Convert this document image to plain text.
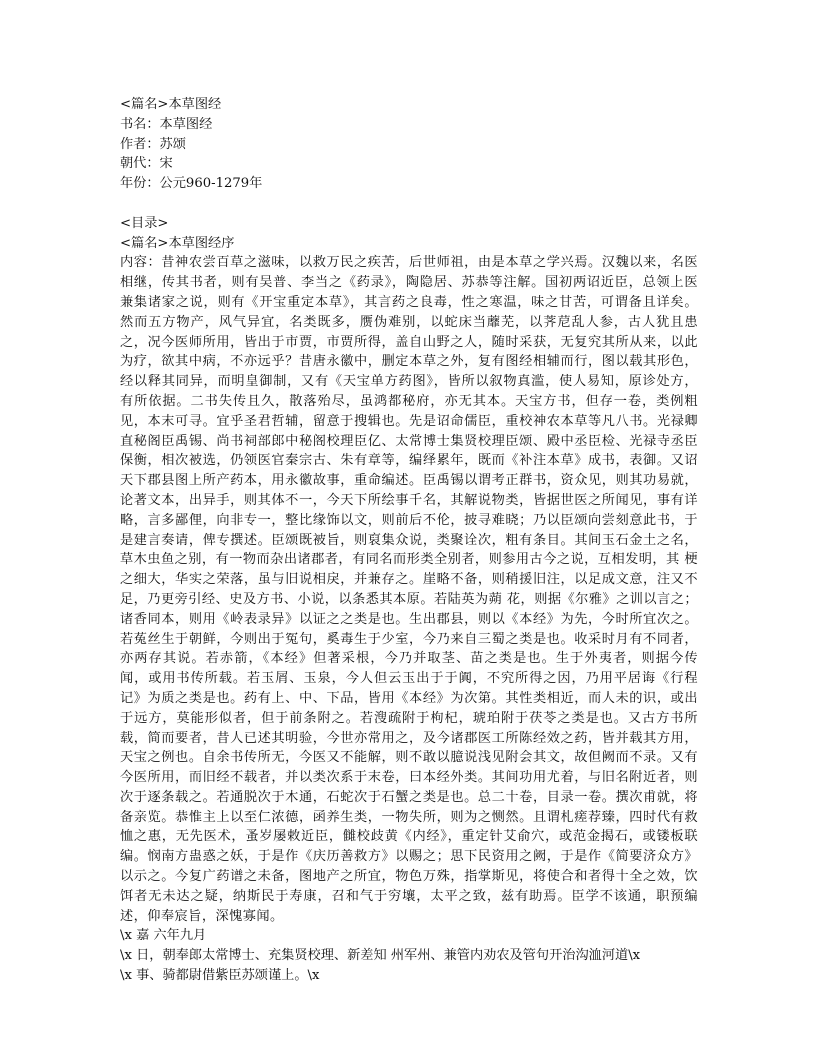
<篇名>本草图经
书名：本草图经
作者：苏颂
朝代：宋
年份：公元960-1279年
<目录>
<篇名>本草图经序
内容：昔神农尝百草之滋味，以救万民之疾苦，后世师祖，由是本草之学兴焉。汉魏以来，名医相继，传其书者，则有吴普、李当之《药录》，陶隐居、苏恭等注解。国初两诏近臣，总领上医兼集诸家之说，则有《开宝重定本草》，其言药之良毒，性之寒温，味之甘苦，可谓备且详矣。然而五方物产，风气异宜，名类既多，赝伪难别，以蛇床当蘼芜，以荠苨乱人参，古人犹且患之，况今医师所用，皆出于市贾，市贾所得，盖自山野之人，随时采获，无复究其所从来，以此为疗，欲其中病，不亦远乎？昔唐永徽中，删定本草之外，复有图经相辅而行，图以载其形色，经以释其同异，而明皇御制，又有《天宝单方药图》，皆所以叙物真滥，使人易知，原诊处方，有所依据。二书失传且久，散落殆尽，虽鸿都秘府，亦无其本。天宝方书，但存一卷，类例粗见，本末可寻。宜乎圣君哲辅，留意于搜辑也。先是诏命儒臣，重校神农本草等凡八书。光禄卿直秘阁臣禹锡、尚书祠部郎中秘阁校理臣亿、太常博士集贤校理臣颂、殿中丞臣检、光禄寺丞臣保衡，相次被选，仍领医官秦宗古、朱有章等，编绎累年，既而《补注本草》成书，表御。又诏天下郡县图上所产药本，用永徽故事，重命编述。臣禹锡以谓考正群书，资众见，则其功易就，论著文本，出异手，则其体不一，今天下所绘事千名，其解说物类，皆据世医之所闻见，事有详略，言多鄙俚，向非专一，整比缘饰以文，则前后不伦，披寻难晓；乃以臣颂向尝刻意此书，于是建言奏请，俾专撰述。臣颂既被旨，则裒集众说，类聚诠次，粗有条目。其间玉石金土之名，草木虫鱼之别，有一物而杂出诸郡者，有同名而形类全别者，则参用古今之说，互相发明，其 梗之细大，华实之荣落，虽与旧说相戾，并兼存之。崖略不备，则稍援旧注，以足成文意，注又不足，乃更旁引经、史及方书、小说，以条悉其本原。若陆英为蒴 花，则据《尔雅》之训以言之；诸香同本，则用《岭表录异》以证之之类是也。生出郡县，则以《本经》为先，今时所宜次之。若菟丝生于朝鲜，今则出于冤句，奚毒生于少室，今乃来自三蜀之类是也。收采时月有不同者，亦两存其说。若赤箭，《本经》但著采根，今乃并取茎、苗之类是也。生于外夷者，则据今传闻，或用书传所载。若玉屑、玉泉，今人但云玉出于于阗，不究所得之因，乃用平居诲《行程记》为质之类是也。药有上、中、下品，皆用《本经》为次第。其性类相近，而人未的识，或出于远方，莫能形似者，但于前条附之。若溲疏附于枸杞，琥珀附于茯苓之类是也。又古方书所载，简而要者，昔人已述其明验，今世亦常用之，及今诸郡医工所陈经效之药，皆并载其方用，天宝之例也。自余书传所无，今医又不能解，则不敢以臆说浅见附会其文，故但阙而不录。又有今医所用，而旧经不载者，并以类次系于末卷，曰本经外类。其间功用尤着，与旧名附近者，则次于逐条载之。若通脱次于木通，石蛇次于石蟹之类是也。总二十卷，目录一卷。撰次甫就，将备亲览。恭惟主上以至仁浓德，函养生类，一物失所，则为之恻然。且谓札瘥荐臻，四时代有救恤之惠，无先医术，蚤岁屡敕近臣，雠校歧黄《内经》，重定针艾俞穴，或范金揭石，或镂板联编。悯南方蛊惑之妖，于是作《庆历善救方》以赐之；思下民资用之阙，于是作《简要济众方》以示之。今复广药谱之未备，图地产之所宜，物色万殊，指掌斯见，将使合和者得十全之效，饮饵者无未达之疑，纳斯民于寿康，召和气于穷壤，太平之致，兹有助焉。臣学不该通，职预编述，仰奉宸旨，深愧寡闻。
\x 嘉 六年九月
\x 日，朝奉郎太常博士、充集贤校理、新差知 州军州、兼管内劝农及管句开治沟洫河道\x
\x 事、骑都尉借紫臣苏颂谨上。\x
